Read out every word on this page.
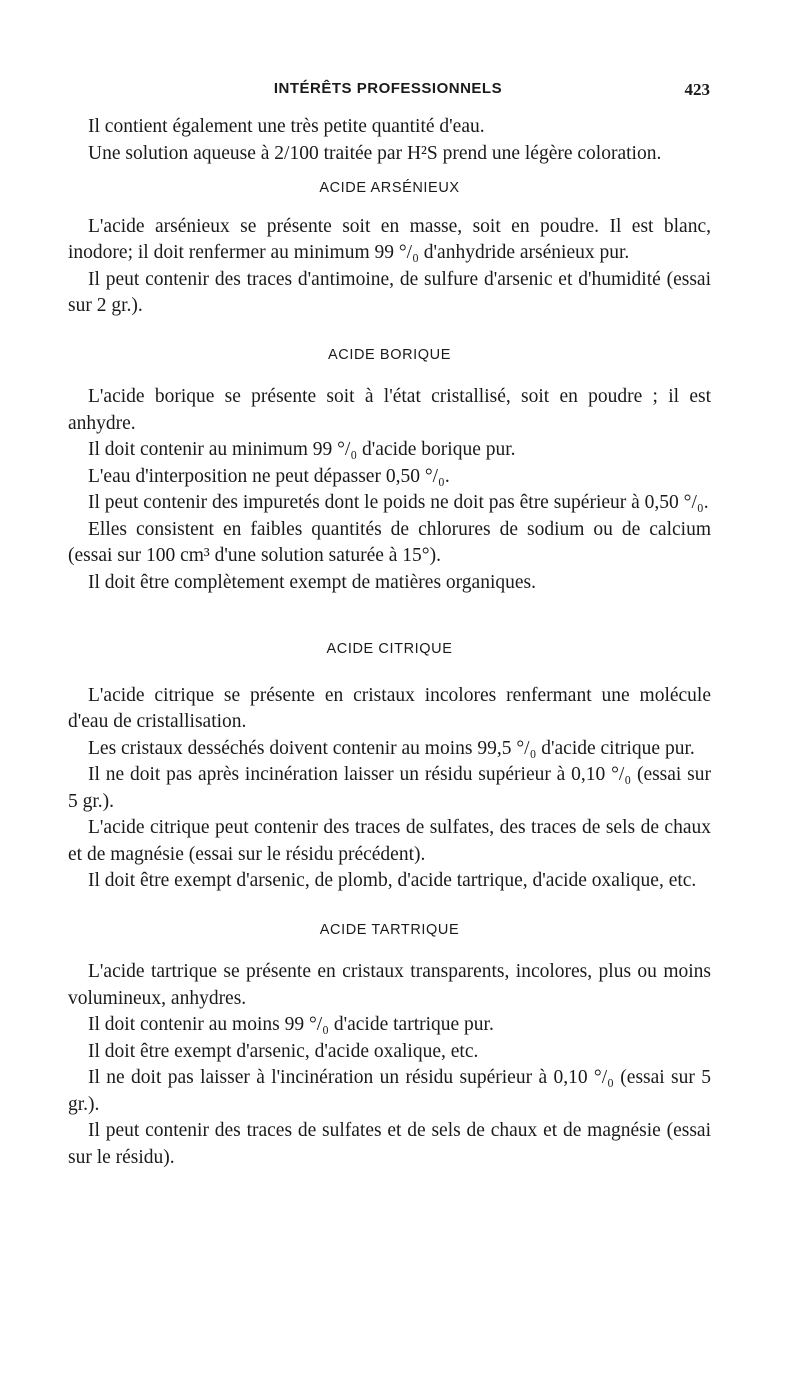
INTÉRÊTS PROFESSIONNELS	423

Il contient également une très petite quantité d'eau.

Une solution aqueuse à 2/100 traitée par H²S prend une légère coloration.

ACIDE ARSÉNIEUX

L'acide arsénieux se présente soit en masse, soit en poudre. Il est blanc, inodore; il doit renfermer au minimum 99 °/₀ d'anhydride arsénieux pur.

Il peut contenir des traces d'antimoine, de sulfure d'arsenic et d'humidité (essai sur 2 gr.).

ACIDE BORIQUE

L'acide borique se présente soit à l'état cristallisé, soit en poudre ; il est anhydre.

Il doit contenir au minimum 99 °/₀ d'acide borique pur.

L'eau d'interposition ne peut dépasser 0,50 °/₀.

Il peut contenir des impuretés dont le poids ne doit pas être supérieur à 0,50 °/₀.

Elles consistent en faibles quantités de chlorures de sodium ou de calcium (essai sur 100 cm³ d'une solution saturée à 15°).

Il doit être complètement exempt de matières organiques.

ACIDE CITRIQUE

L'acide citrique se présente en cristaux incolores renfermant une molécule d'eau de cristallisation.

Les cristaux desséchés doivent contenir au moins 99,5 °/₀ d'acide citrique pur.

Il ne doit pas après incinération laisser un résidu supérieur à 0,10 °/₀ (essai sur 5 gr.).

L'acide citrique peut contenir des traces de sulfates, des traces de sels de chaux et de magnésie (essai sur le résidu précédent).

Il doit être exempt d'arsenic, de plomb, d'acide tartrique, d'acide oxalique, etc.

ACIDE TARTRIQUE

L'acide tartrique se présente en cristaux transparents, incolores, plus ou moins volumineux, anhydres.

Il doit contenir au moins 99 °/₀ d'acide tartrique pur.

Il doit être exempt d'arsenic, d'acide oxalique, etc.

Il ne doit pas laisser à l'incinération un résidu supérieur à 0,10 °/₀ (essai sur 5 gr.).

Il peut contenir des traces de sulfates et de sels de chaux et de magnésie (essai sur le résidu).
